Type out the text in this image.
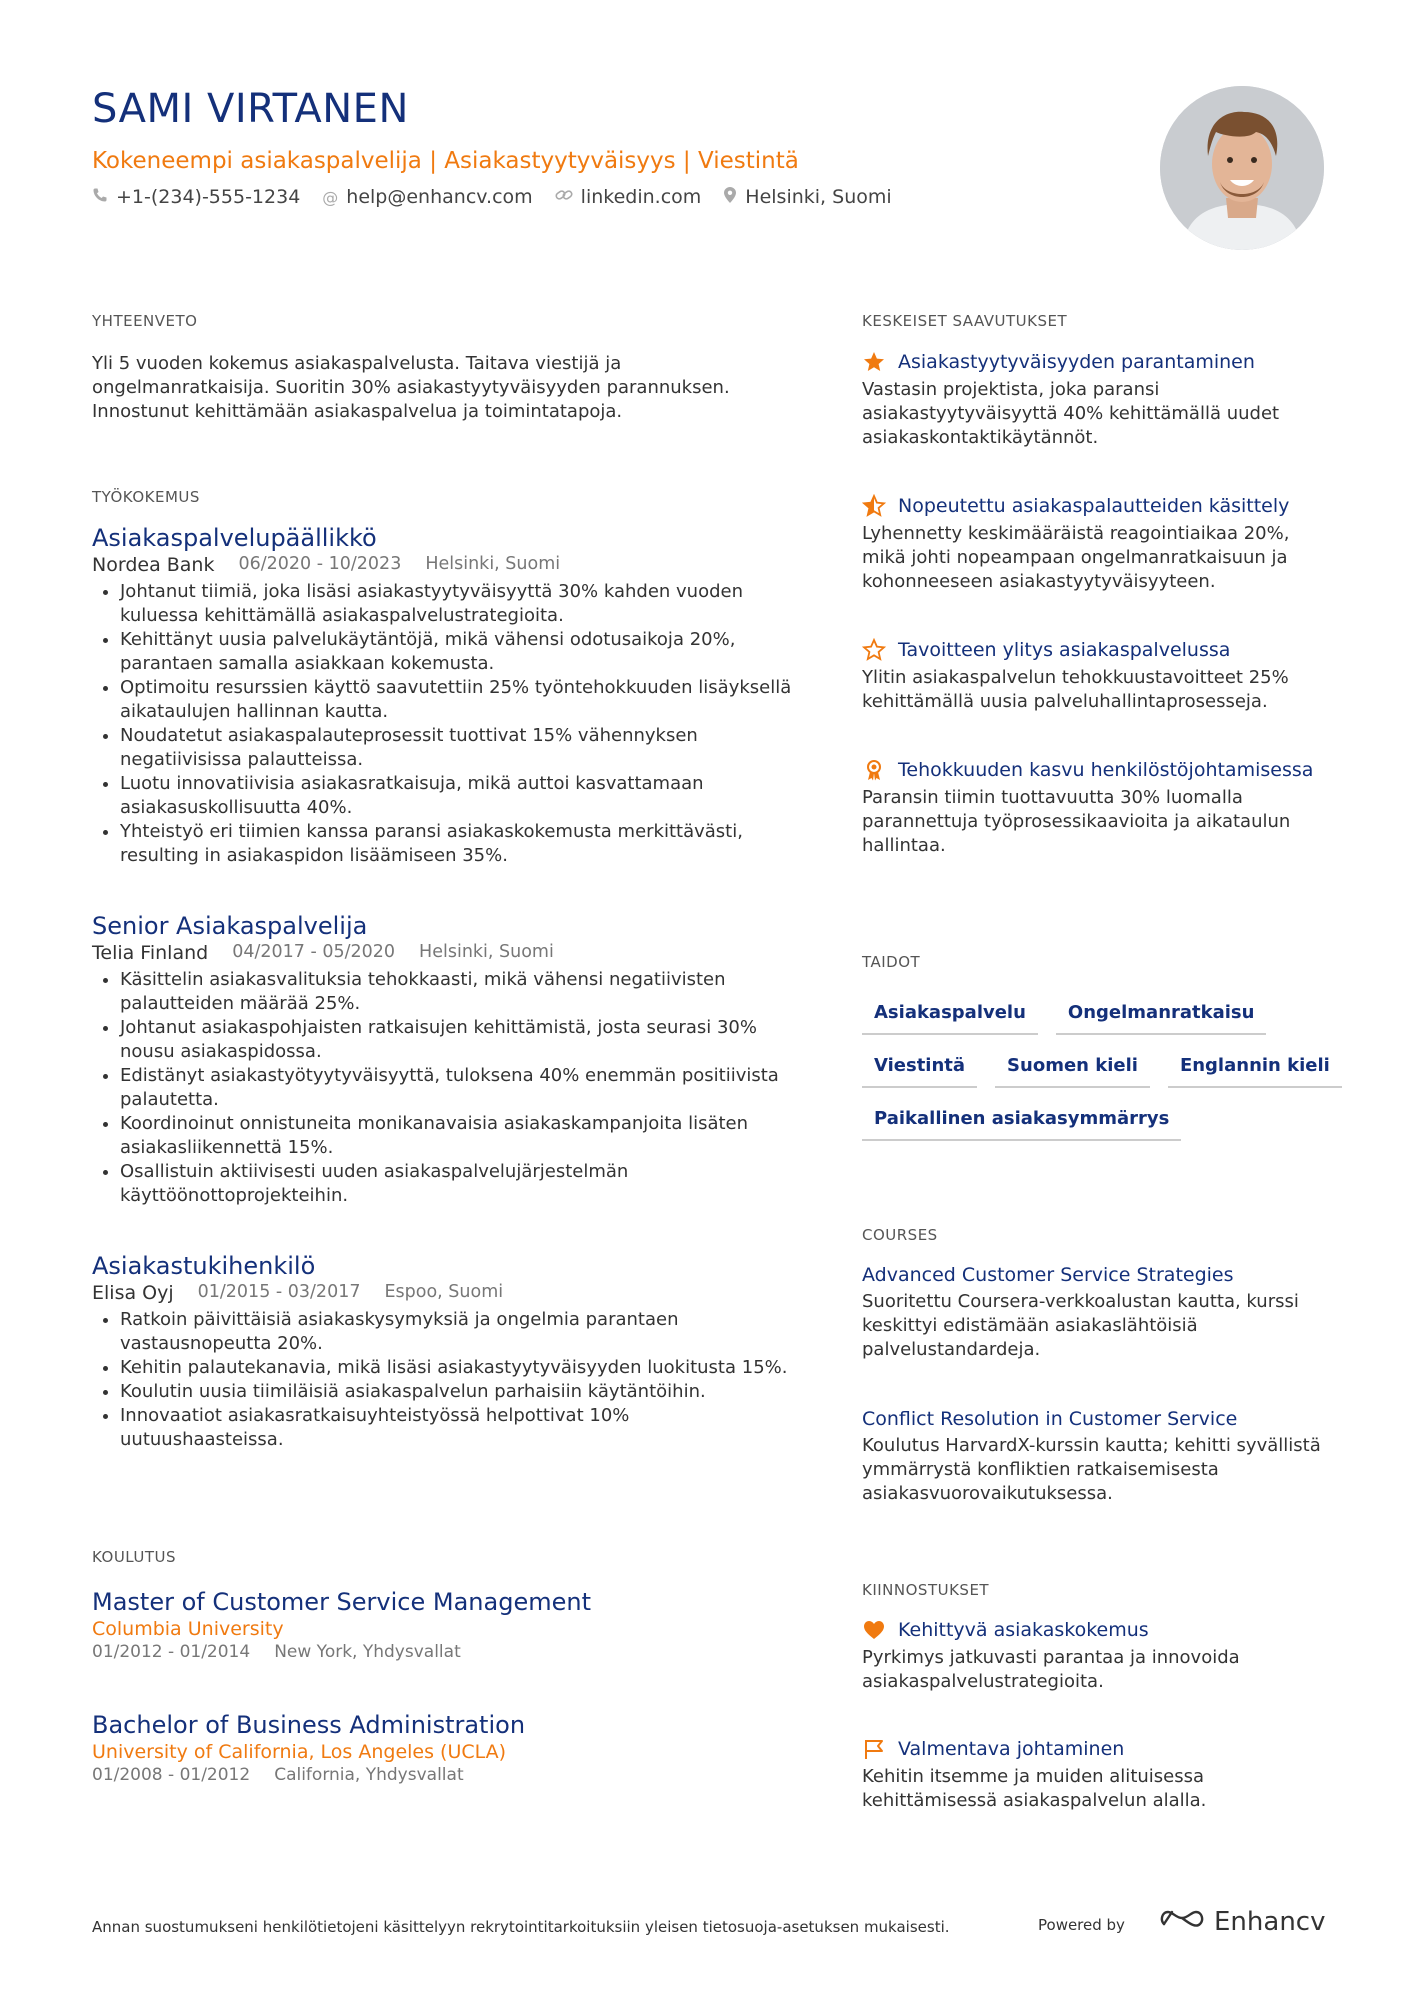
SAMI VIRTANEN
Kokeneempi asiakaspalvelija | Asiakastyytyväisyys | Viestintä
+1-(234)-555-1234 @ help@enhancv.com	linkedin.com Helsinki, Suomi
YHTEENVETO
Yli 5 vuoden kokemus asiakaspalvelusta. Taitava viestijä ja ongelmanratkaisija. Suoritin 30% asiakastyytyväisyyden parannuksen. Innostunut kehittämään asiakaspalvelua ja toimintatapoja.
TYÖKOKEMUS
Asiakaspalvelupäällikkö
Nordea Bank 06/2020 - 10/2023 Helsinki, Suomi
• Johtanut tiimiä, joka lisäsi asiakastyytyväisyyttä 30% kahden vuoden kuluessa kehittämällä asiakaspalvelustrategioita.
• Kehittänyt uusia palvelukäytäntöjä, mikä vähensi odotusaikoja 20%, parantaen samalla asiakkaan kokemusta.
• Optimoitu resurssien käyttö saavutettiin 25% työntehokkuuden lisäyksellä aikataulujen hallinnan kautta.
• Noudatetut asiakaspalauteprosessit tuottivat 15% vähennyksen negatiivisissa palautteissa.
• Luotu innovatiivisia asiakasratkaisuja, mikä auttoi kasvattamaan asiakasuskollisuutta 40%.
• Yhteistyö eri tiimien kanssa paransi asiakaskokemusta merkittävästi, resulting in asiakaspidon lisäämiseen 35%.
Senior Asiakaspalvelija
Telia Finland 04/2017 - 05/2020 Helsinki, Suomi
• Käsittelin asiakasvalituksia tehokkaasti, mikä vähensi negatiivisten palautteiden määrää 25%.
• Johtanut asiakaspohjaisten ratkaisujen kehittämistä, josta seurasi 30% nousu asiakaspidossa.
• Edistänyt asiakastyötyytyväisyyttä, tuloksena 40% enemmän positiivista palautetta.
• Koordinoinut onnistuneita monikanavaisia asiakaskampanjoita lisäten asiakasliikennettä 15%.
• Osallistuin aktiivisesti uuden asiakaspalvelujärjestelmän käyttöönottoprojekteihin.
Asiakastukihenkilö
Elisa Oyj 01/2015 - 03/2017 Espoo, Suomi
• Ratkoin päivittäisiä asiakaskysymyksiä ja ongelmia parantaen vastausnopeutta 20%.
• Kehitin palautekanavia, mikä lisäsi asiakastyytyväisyyden luokitusta 15%.
• Koulutin uusia tiimiläisiä asiakaspalvelun parhaisiin käytäntöihin.
• Innovaatiot asiakasratkaisuyhteistyössä helpottivat 10% uutuushaasteissa.
KOULUTUS
Master of Customer Service Management
Columbia University
01/2012 - 01/2014 New York, Yhdysvallat
Bachelor of Business Administration
University of California, Los Angeles (UCLA)
01/2008 - 01/2012 California, Yhdysvallat
KESKEISET SAAVUTUKSET
Asiakastyytyväisyyden parantaminen
Vastasin projektista, joka paransi asiakastyytyväisyyttä 40% kehittämällä uudet asiakaskontaktikäytännöt.
Nopeutettu asiakaspalautteiden käsittely
Lyhennetty keskimääräistä reagointiaikaa 20%, mikä johti nopeampaan ongelmanratkaisuun ja kohonneeseen asiakastyytyväisyyteen.
Tavoitteen ylitys asiakaspalvelussa
Ylitin asiakaspalvelun tehokkuustavoitteet 25% kehittämällä uusia palveluhallintaprosesseja.
Tehokkuuden kasvu henkilöstöjohtamisessa
Paransin tiimin tuottavuutta 30% luomalla parannettuja työprosessikaavioita ja aikataulun hallintaa.
TAIDOT
Asiakaspalvelu Ongelmanratkaisu
Viestintä Suomen kieli Englannin kieli
Paikallinen asiakasymmärrys
COURSES
Advanced Customer Service Strategies
Suoritettu Coursera-verkkoalustan kautta, kurssi keskittyi edistämään asiakaslähtöisiä palvelustandardeja.
Conflict Resolution in Customer Service
Koulutus HarvardX-kurssin kautta; kehitti syvällistä ymmärrystä konfliktien ratkaisemisesta asiakasvuorovaikutuksessa.
KIINNOSTUKSET
Kehittyvä asiakaskokemus
Pyrkimys jatkuvasti parantaa ja innovoida asiakaspalvelustrategioita.
Valmentava johtaminen
Kehitin itsemme ja muiden alituisessa kehittämisessä asiakaspalvelun alalla.
Annan suostumukseni henkilötietojeni käsittelyyn rekrytointitarkoituksiin yleisen tietosuoja-asetuksen mukaisesti.	Powered by	Enhancv
